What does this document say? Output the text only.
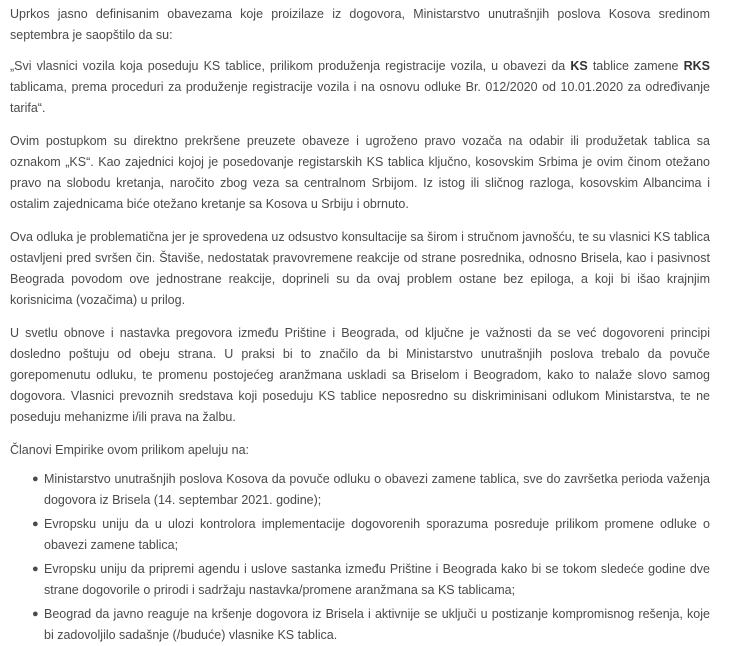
Uprkos jasno definisanim obavezama koje proizilaze iz dogovora, Ministarstvo unutrašnjih poslova Kosova sredinom septembra je saopštilo da su:

„Svi vlasnici vozila koja poseduju KS tablice, prilikom produženja registracije vozila, u obavezi da KS tablice zamene RKS tablicama, prema proceduri za produženje registracije vozila i na osnovu odluke Br. 012/2020 od 10.01.2020 za određivanje tarifa“.

Ovim postupkom su direktno prekršene preuzete obaveze i ugroženo pravo vozača na odabir ili produžetak tablica sa oznakom „KS“. Kao zajednici kojoj je posedovanje registarskih KS tablica ključno, kosovskim Srbima je ovim činom otežano pravo na slobodu kretanja, naročito zbog veza sa centralnom Srbijom. Iz istog ili sličnog razloga, kosovskim Albancima i ostalim zajednicama biće otežano kretanje sa Kosova u Srbiju i obrnuto.

Ova odluka je problematična jer je sprovedena uz odsustvo konsultacije sa širom i stručnom javnošću, te su vlasnici KS tablica ostavljeni pred svršen čin. Štaviše, nedostatak pravovremene reakcije od strane posrednika, odnosno Brisela, kao i pasivnost Beograda povodom ove jednostrane reakcije, doprineli su da ovaj problem ostane bez epiloga, a koji bi išao krajnjim korisnicima (vozačima) u prilog.

U svetlu obnove i nastavka pregovora između Prištine i Beograda, od ključne je važnosti da se već dogovoreni principi dosledno poštuju od obeju strana. U praksi bi to značilo da bi Ministarstvo unutrašnjih poslova trebalo da povuče gorepomenutu odluku, te promenu postojećeg aranžmana uskladi sa Briselom i Beogradom, kako to nalaže slovo samog dogovora. Vlasnici prevoznih sredstava koji poseduju KS tablice neposredno su diskriminisani odlukom Ministarstva, te ne poseduju mehanizme i/ili prava na žalbu.

Članovi Empirike ovom prilikom apeluju na:

● Ministarstvo unutrašnjih poslova Kosova da povuče odluku o obavezi zamene tablica, sve do završetka perioda važenja dogovora iz Brisela (14. septembar 2021. godine);
● Evropsku uniju da u ulozi kontrolora implementacije dogovorenih sporazuma posreduje prilikom promene odluke o obavezi zamene tablica;
● Evropsku uniju da pripremi agendu i uslove sastanka između Prištine i Beograda kako bi se tokom sledeće godine dve strane dogovorile o prirodi i sadržaju nastavka/promene aranžmana sa KS tablicama;
● Beograd da javno reaguje na kršenje dogovora iz Brisela i aktivnije se uključi u postizanje kompromisnog rešenja, koje bi zadovoljilo sadašnje (/buduće) vlasnike KS tablica.
